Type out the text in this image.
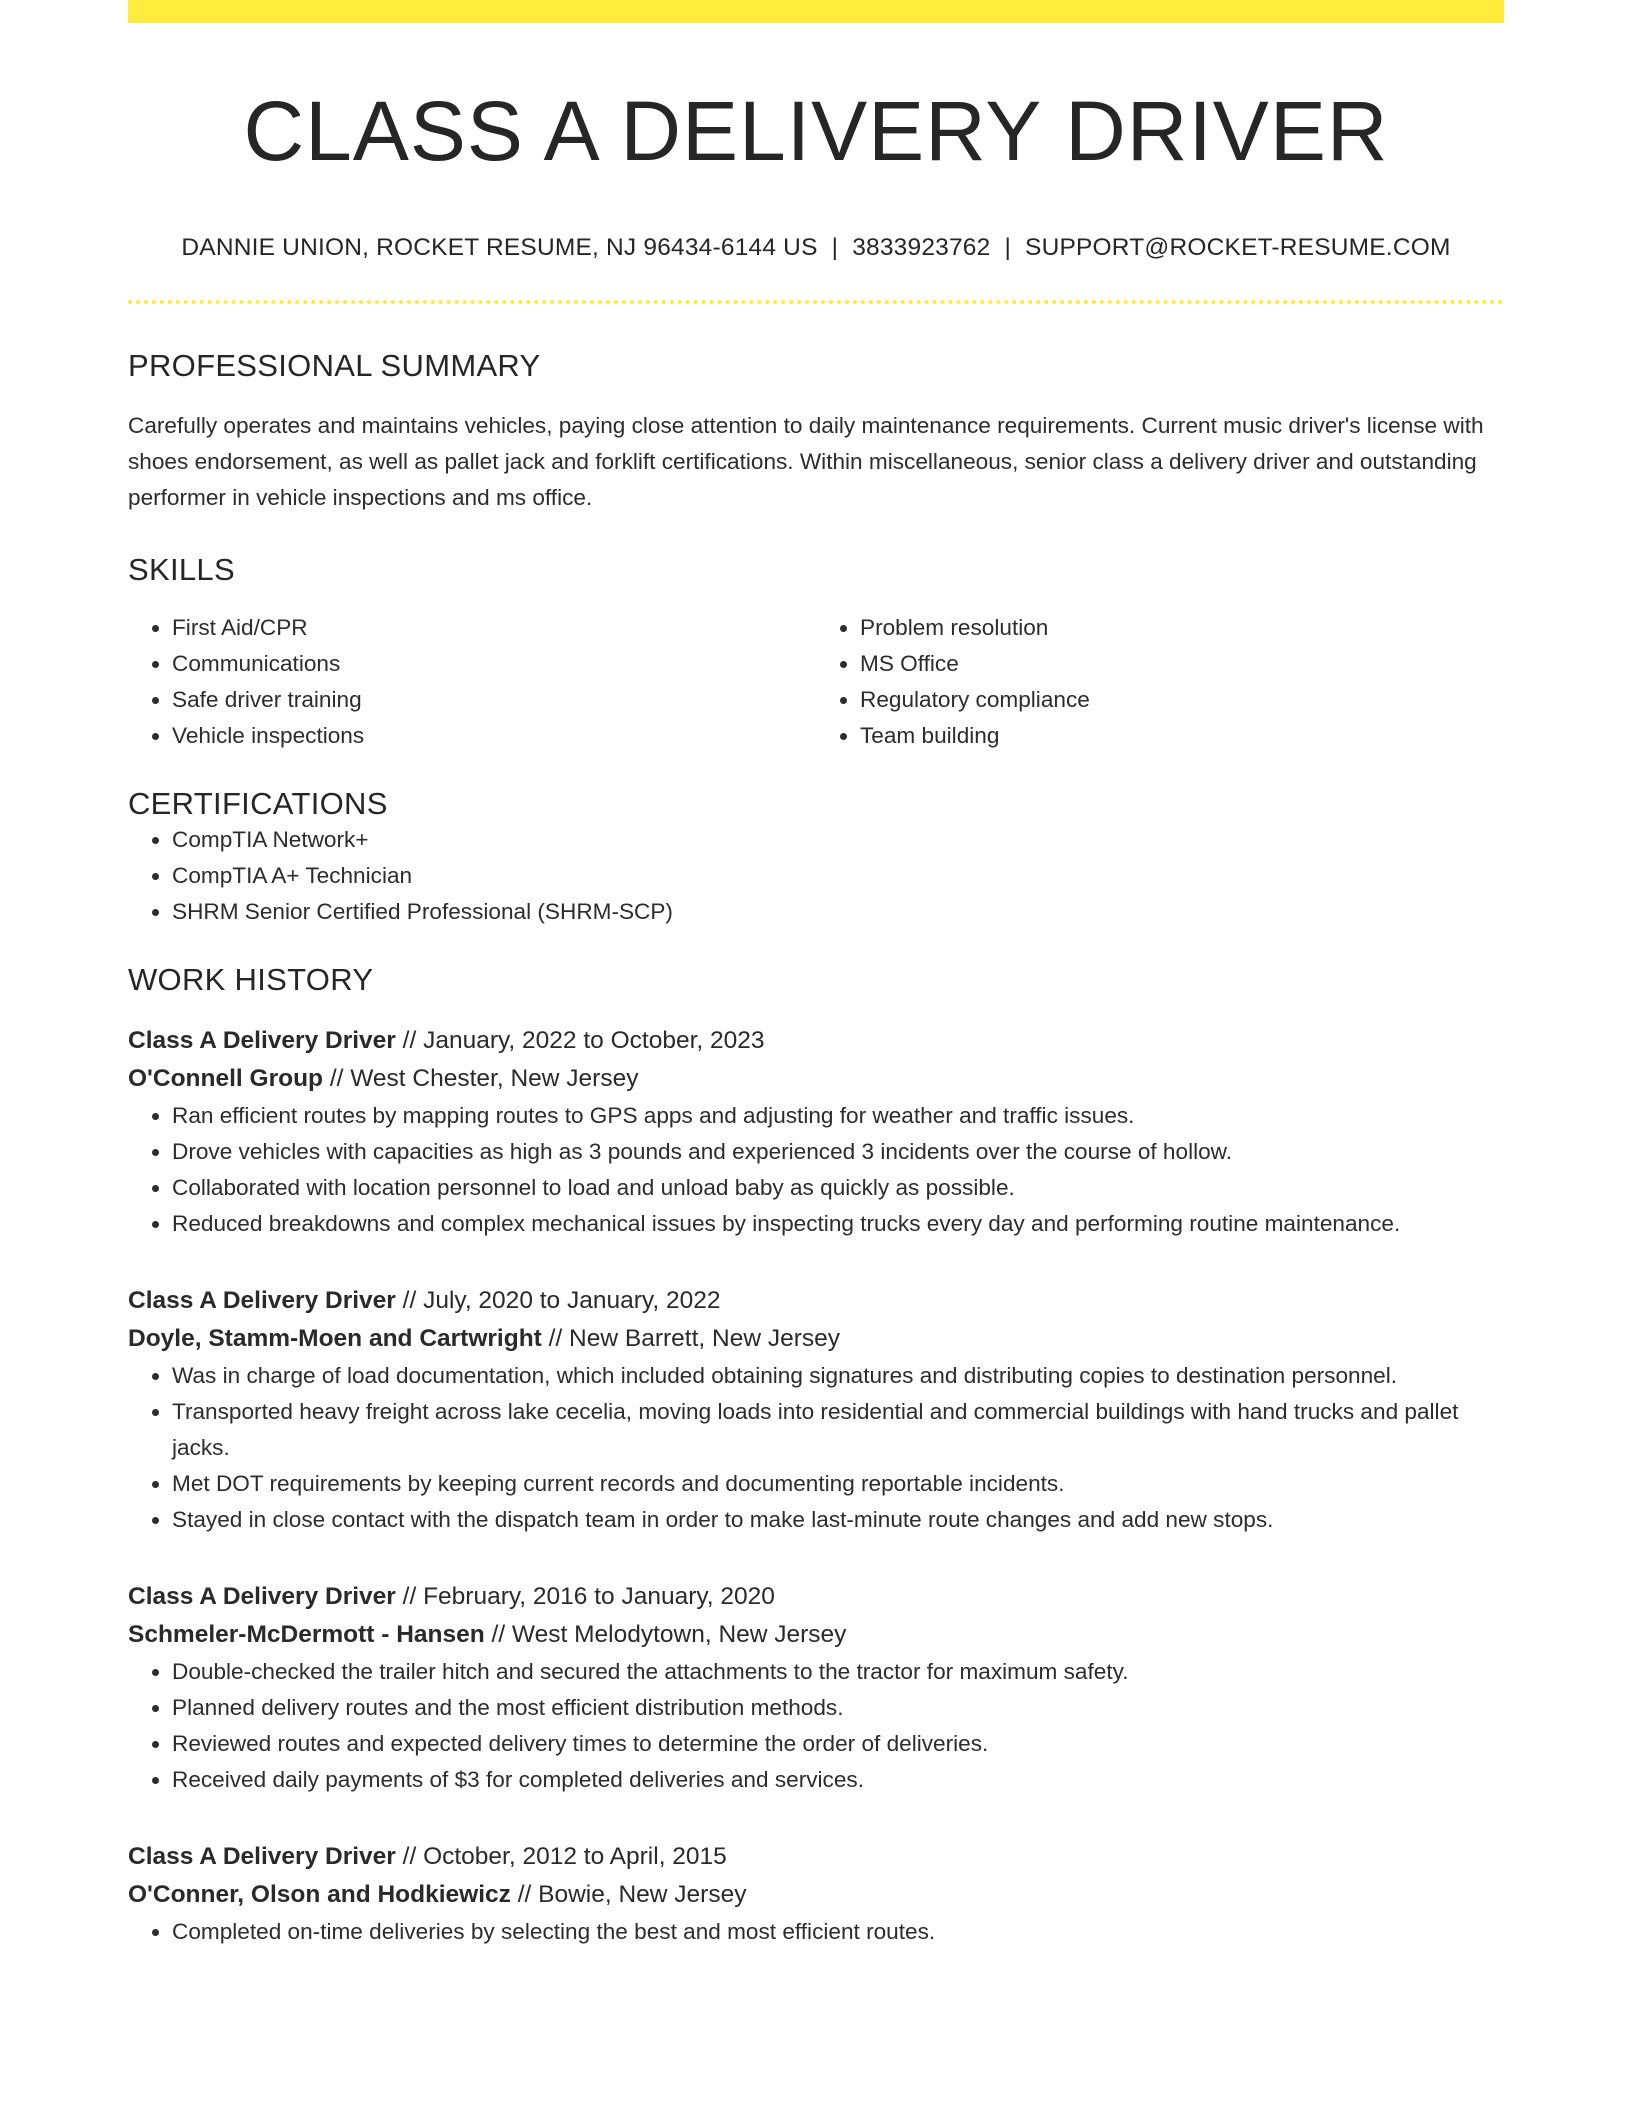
CLASS A DELIVERY DRIVER
DANNIE UNION, ROCKET RESUME, NJ 96434-6144 US | 3833923762 | SUPPORT@ROCKET-RESUME.COM
PROFESSIONAL SUMMARY
Carefully operates and maintains vehicles, paying close attention to daily maintenance requirements. Current music driver's license with shoes endorsement, as well as pallet jack and forklift certifications. Within miscellaneous, senior class a delivery driver and outstanding performer in vehicle inspections and ms office.
SKILLS
• First Aid/CPR
• Communications
• Safe driver training
• Vehicle inspections
• Problem resolution
• MS Office
• Regulatory compliance
• Team building
CERTIFICATIONS
• CompTIA Network+
• CompTIA A+ Technician
• SHRM Senior Certified Professional (SHRM-SCP)
WORK HISTORY
Class A Delivery Driver // January, 2022 to October, 2023
O'Connell Group // West Chester, New Jersey
• Ran efficient routes by mapping routes to GPS apps and adjusting for weather and traffic issues.
• Drove vehicles with capacities as high as 3 pounds and experienced 3 incidents over the course of hollow.
• Collaborated with location personnel to load and unload baby as quickly as possible.
• Reduced breakdowns and complex mechanical issues by inspecting trucks every day and performing routine maintenance.
Class A Delivery Driver // July, 2020 to January, 2022
Doyle, Stamm-Moen and Cartwright // New Barrett, New Jersey
• Was in charge of load documentation, which included obtaining signatures and distributing copies to destination personnel.
• Transported heavy freight across lake cecelia, moving loads into residential and commercial buildings with hand trucks and pallet jacks.
• Met DOT requirements by keeping current records and documenting reportable incidents.
• Stayed in close contact with the dispatch team in order to make last-minute route changes and add new stops.
Class A Delivery Driver // February, 2016 to January, 2020
Schmeler-McDermott - Hansen // West Melodytown, New Jersey
• Double-checked the trailer hitch and secured the attachments to the tractor for maximum safety.
• Planned delivery routes and the most efficient distribution methods.
• Reviewed routes and expected delivery times to determine the order of deliveries.
• Received daily payments of $3 for completed deliveries and services.
Class A Delivery Driver // October, 2012 to April, 2015
O'Conner, Olson and Hodkiewicz // Bowie, New Jersey
• Completed on-time deliveries by selecting the best and most efficient routes.
